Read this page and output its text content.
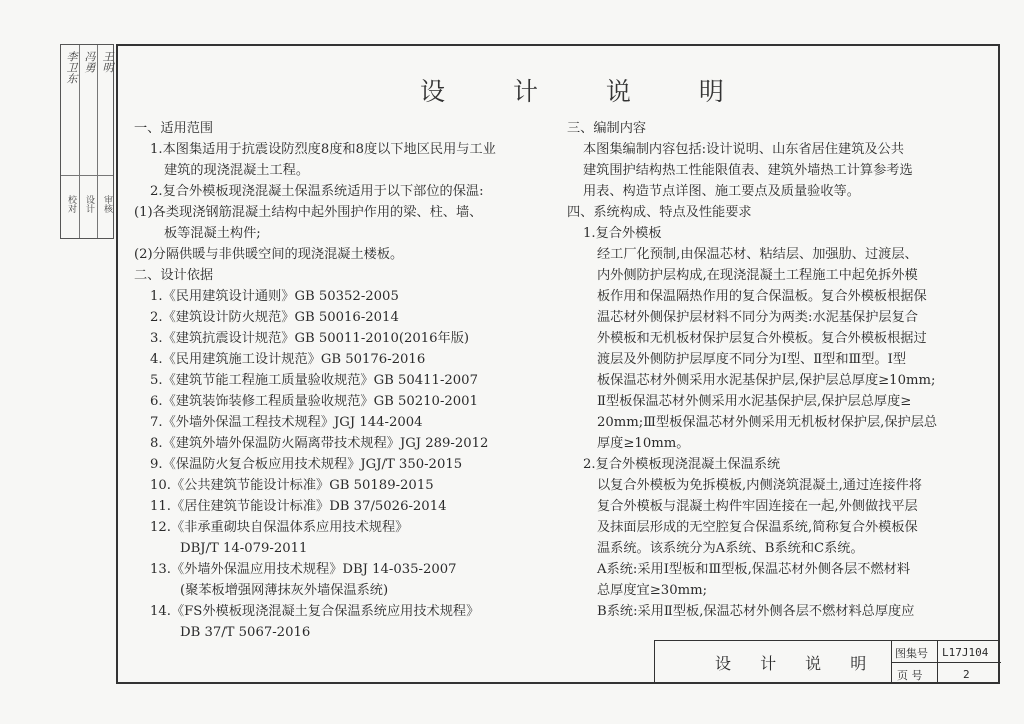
李卫东 冯勇 王明
校对 设计 审核
设 计 说 明
一、适用范围
1.本图集适用于抗震设防烈度8度和8度以下地区民用与工业
建筑的现浇混凝土工程。
2.复合外模板现浇混凝土保温系统适用于以下部位的保温:
(1)各类现浇钢筋混凝土结构中起外围护作用的梁、柱、墙、
板等混凝土构件;
(2)分隔供暖与非供暖空间的现浇混凝土楼板。
二、设计依据
1.《民用建筑设计通则》GB 50352-2005
2.《建筑设计防火规范》GB 50016-2014
3.《建筑抗震设计规范》GB 50011-2010(2016年版)
4.《民用建筑施工设计规范》GB 50176-2016
5.《建筑节能工程施工质量验收规范》GB 50411-2007
6.《建筑装饰装修工程质量验收规范》GB 50210-2001
7.《外墙外保温工程技术规程》JGJ 144-2004
8.《建筑外墙外保温防火隔离带技术规程》JGJ 289-2012
9.《保温防火复合板应用技术规程》JGJ/T 350-2015
10.《公共建筑节能设计标准》GB 50189-2015
11.《居住建筑节能设计标准》DB 37/5026-2014
12.《非承重砌块自保温体系应用技术规程》
DBJ/T 14-079-2011
13.《外墙外保温应用技术规程》DBJ 14-035-2007
(聚苯板增强网薄抹灰外墙保温系统)
14.《FS外模板现浇混凝土复合保温系统应用技术规程》
DB 37/T 5067-2016
三、编制内容
本图集编制内容包括:设计说明、山东省居住建筑及公共
建筑围护结构热工性能限值表、建筑外墙热工计算参考选
用表、构造节点详图、施工要点及质量验收等。
四、系统构成、特点及性能要求
1.复合外模板
经工厂化预制,由保温芯材、粘结层、加强肋、过渡层、
内外侧防护层构成,在现浇混凝土工程施工中起免拆外模
板作用和保温隔热作用的复合保温板。复合外模板根据保
温芯材外侧保护层材料不同分为两类:水泥基保护层复合
外模板和无机板材保护层复合外模板。复合外模板根据过
渡层及外侧防护层厚度不同分为Ⅰ型、Ⅱ型和Ⅲ型。Ⅰ型
板保温芯材外侧采用水泥基保护层,保护层总厚度≥10mm;
Ⅱ型板保温芯材外侧采用水泥基保护层,保护层总厚度≥
20mm;Ⅲ型板保温芯材外侧采用无机板材保护层,保护层总
厚度≥10mm。
2.复合外模板现浇混凝土保温系统
以复合外模板为免拆模板,内侧浇筑混凝土,通过连接件将
复合外模板与混凝土构件牢固连接在一起,外侧做找平层
及抹面层形成的无空腔复合保温系统,简称复合外模板保
温系统。该系统分为A系统、B系统和C系统。
A系统:采用Ⅰ型板和Ⅲ型板,保温芯材外侧各层不燃材料
总厚度宜≥30mm;
B系统:采用Ⅱ型板,保温芯材外侧各层不燃材料总厚度应
设 计 说 明
图集号 L17J104
页 号	2
